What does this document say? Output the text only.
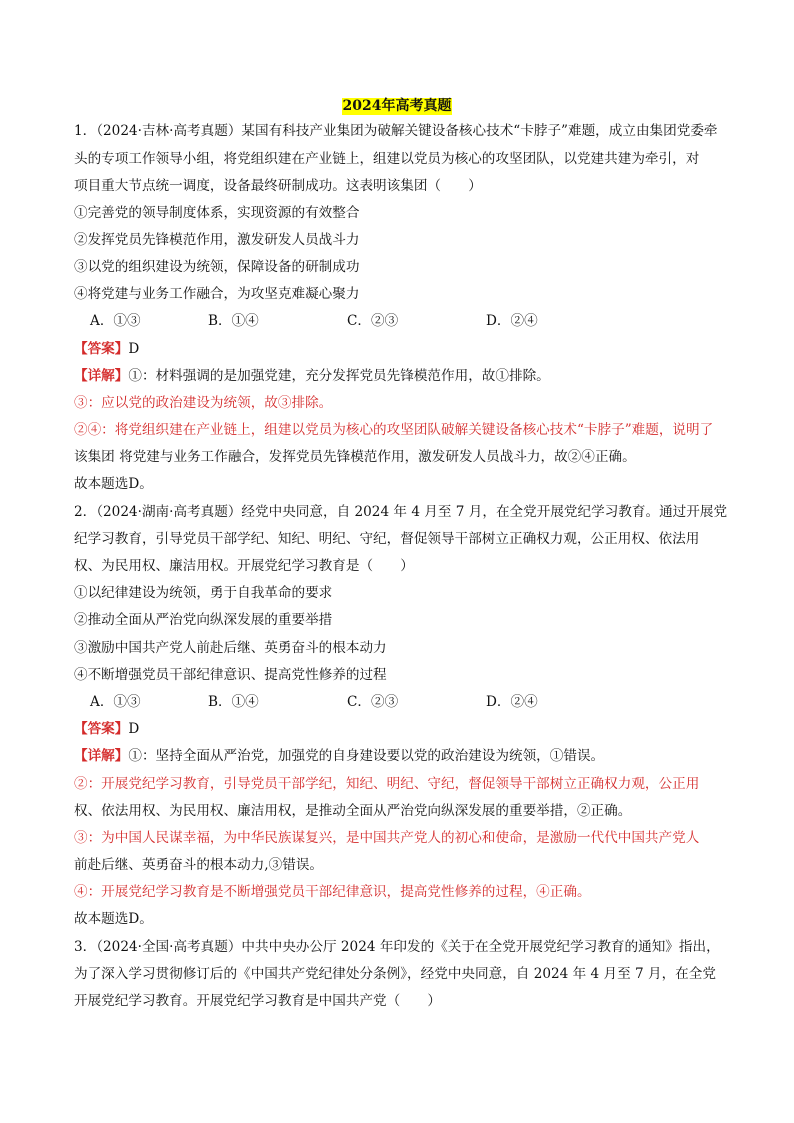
2024年高考真题
1．（2024·吉林·高考真题）某国有科技产业集团为破解关键设备核心技术“卡脖子”难题，成立由集团党委牵
头的专项工作领导小组，将党组织建在产业链上，组建以党员为核心的攻坚团队，以党建共建为牵引，对
项目重大节点统一调度，设备最终研制成功。这表明该集团（　　）
①完善党的领导制度体系，实现资源的有效整合
②发挥党员先锋模范作用，激发研发人员战斗力
③以党的组织建设为统领，保障设备的研制成功
④将党建与业务工作融合，为攻坚克难凝心聚力
A．①③	B．①④	C．②③	D．②④
【答案】D
【详解】①：材料强调的是加强党建，充分发挥党员先锋模范作用，故①排除。
③：应以党的政治建设为统领，故③排除。
②④：将党组织建在产业链上，组建以党员为核心的攻坚团队破解关键设备核心技术“卡脖子”难题，说明了
该集团 将党建与业务工作融合，发挥党员先锋模范作用，激发研发人员战斗力，故②④正确。
故本题选D。
2．（2024·湖南·高考真题）经党中央同意，自 2024 年 4 月至 7 月，在全党开展党纪学习教育。通过开展党
纪学习教育，引导党员干部学纪、知纪、明纪、守纪，督促领导干部树立正确权力观，公正用权、依法用
权、为民用权、廉洁用权。开展党纪学习教育是（　　）
①以纪律建设为统领，勇于自我革命的要求
②推动全面从严治党向纵深发展的重要举措
③激励中国共产党人前赴后继、英勇奋斗的根本动力
④不断增强党员干部纪律意识、提高党性修养的过程
A．①③	B．①④	C．②③	D．②④
【答案】D
【详解】①：坚持全面从严治党，加强党的自身建设要以党的政治建设为统领，①错误。
②：开展党纪学习教育，引导党员干部学纪，知纪、明纪、守纪，督促领导干部树立正确权力观，公正用
权、依法用权、为民用权、廉洁用权，是推动全面从严治党向纵深发展的重要举措，②正确。
③：为中国人民谋幸福，为中华民族谋复兴，是中国共产党人的初心和使命，是激励一代代中国共产党人
前赴后继、英勇奋斗的根本动力,③错误。
④：开展党纪学习教育是不断增强党员干部纪律意识，提高党性修养的过程，④正确。
故本题选D。
3．（2024·全国·高考真题）中共中央办公厅 2024 年印发的《关于在全党开展党纪学习教育的通知》指出，
为了深入学习贯彻修订后的《中国共产党纪律处分条例》，经党中央同意，自 2024 年 4 月至 7 月，在全党
开展党纪学习教育。开展党纪学习教育是中国共产党（　　）
